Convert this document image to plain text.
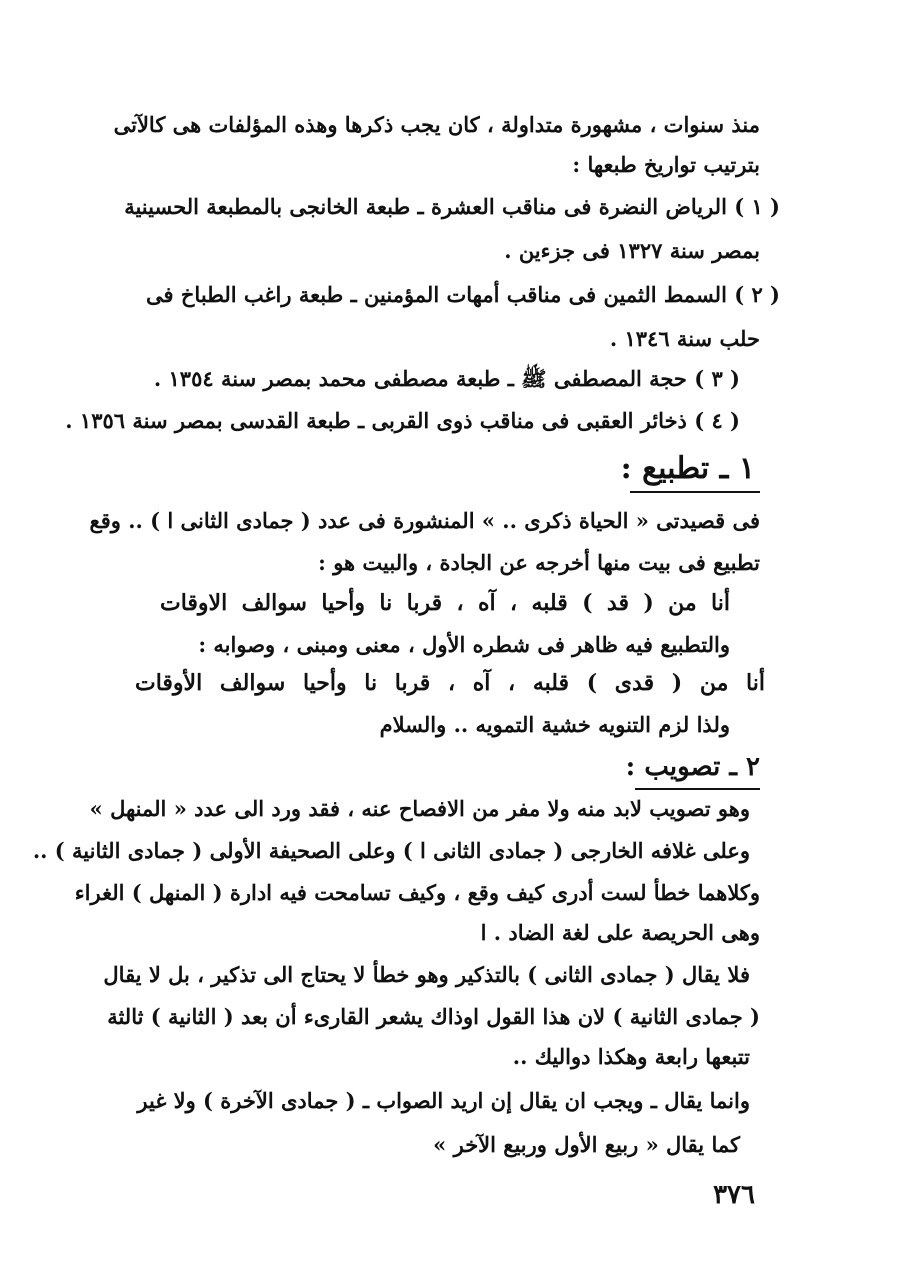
منذ سنوات ، مشهورة متداولة ، كان يجب ذكرها وهذه المؤلفات هى كالآتى
بترتيب تواريخ طبعها :
( ١ ) الرياض النضرة فى مناقب العشرة ـ طبعة الخانجى بالمطبعة الحسينية
بمصر سنة ١٣٢٧ فى جزءين .
( ٢ ) السمط الثمين فى مناقب أمهات المؤمنين ـ طبعة راغب الطباخ فى
حلب سنة ١٣٤٦ .
( ٣ ) حجة المصطفى ﷺ ـ طبعة مصطفى محمد بمصر سنة ١٣٥٤ .
( ٤ ) ذخائر العقبى فى مناقب ذوى القربى ـ طبعة القدسى بمصر سنة ١٣٥٦ .
١ ـ تطبيع :
فى قصيدتى « الحياة ذكرى .. » المنشورة فى عدد ( جمادى الثانى ا ) .. وقع
تطبيع فى بيت منها أخرجه عن الجادة ، والبيت هو :
أنا من ( قد ) قلبه ، آه ، قربا نا وأحيا سوالف الاوقات
والتطبيع فيه ظاهر فى شطره الأول ، معنى ومبنى ، وصوابه :
أنا من ( قدى ) قلبه ، آه ، قربا نا وأحيا سوالف الأوقات
ولذا لزم التنويه خشية التمويه .. والسلام
٢ ـ تصويب :
وهو تصويب لابد منه ولا مفر من الافصاح عنه ، فقد ورد الى عدد « المنهل »
وعلى غلافه الخارجى ( جمادى الثانى ا ) وعلى الصحيفة الأولى ( جمادى الثانية ) ..
وكلاهما خطأ لست أدرى كيف وقع ، وكيف تسامحت فيه ادارة ( المنهل ) الغراء
وهى الحريصة على لغة الضاد . ا
فلا يقال ( جمادى الثانى ) بالتذكير وهو خطأ لا يحتاج الى تذكير ، بل لا يقال
( جمادى الثانية ) لان هذا القول اوذاك يشعر القارىء أن بعد ( الثانية ) ثالثة
تتبعها رابعة وهكذا دواليك ..
وانما يقال ـ ويجب ان يقال إن اريد الصواب ـ ( جمادى الآخرة ) ولا غير
كما يقال « ربيع الأول وربيع الآخر »
٣٧٦
